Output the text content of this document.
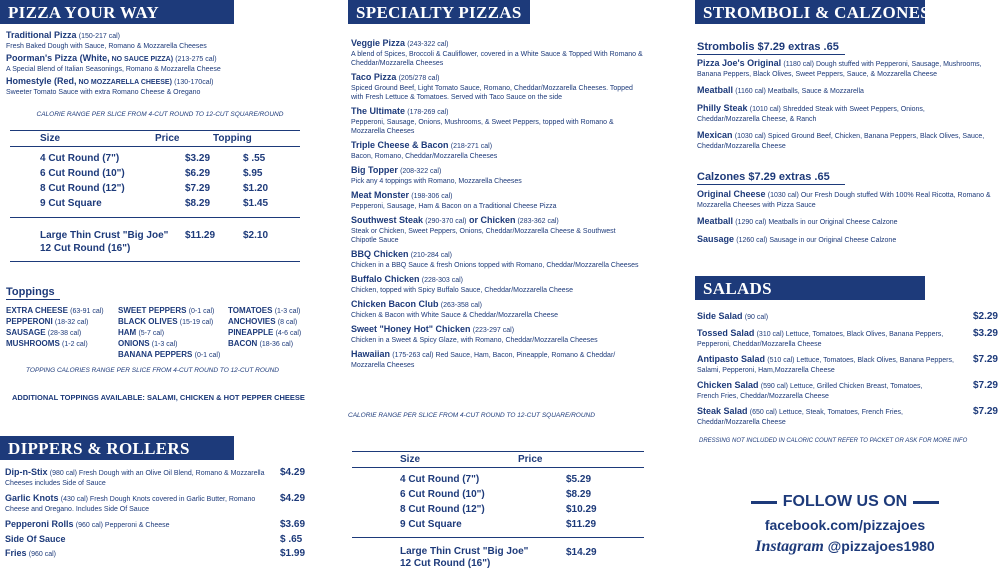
PIZZA YOUR WAY
Traditional Pizza (150-217 cal)
Fresh Baked Dough with Sauce, Romano & Mozzarella Cheeses
Poorman's Pizza (White, NO SAUCE PIZZA) (213-275 cal)
A Special Blend of Italian Seasonings, Romano & Mozzarella Cheese
Homestyle (Red, NO MOZZARELLA CHEESE) (130-170cal)
Sweeter Tomato Sauce with extra Romano Cheese & Oregano
CALORIE RANGE PER SLICE FROM 4-CUT ROUND TO 12-CUT SQUARE/ROUND
Size	Price	Topping
4 Cut Round (7")	$3.29	$ .55
6 Cut Round (10")	$6.29	$.95
8 Cut Round (12")	$7.29	$1.20
9 Cut Square	$8.29	$1.45
Large Thin Crust "Big Joe"
12 Cut Round (16")	$11.29	$2.10
Toppings
EXTRA CHEESE (63-91 cal)	SWEET PEPPERS (0-1 cal)	TOMATOES (1-3 cal)
PEPPERONI (18-32 cal)	BLACK OLIVES (15-19 cal)	ANCHOVIES (8 cal)
SAUSAGE (28-38 cal)	HAM (5-7 cal)	PINEAPPLE (4-6 cal)
MUSHROOMS (1-2 cal)	ONIONS (1-3 cal)	BACON (18-36 cal)
BANANA PEPPERS (0-1 cal)
TOPPING CALORIES RANGE PER SLICE FROM 4-CUT ROUND TO 12-CUT ROUND
ADDITIONAL TOPPINGS AVAILABLE: SALAMI, CHICKEN & HOT PEPPER CHEESE
DIPPERS & ROLLERS
Dip-n-Stix (980 cal) Fresh Dough with an Olive Oil Blend, Romano & Mozzarella
Cheeses includes Side of Sauce
$4.29
Garlic Knots (430 cal) Fresh Dough Knots covered in Garlic Butter, Romano
Cheese and Oregano. Includes Side Of Sauce
$4.29
Pepperoni Rolls (960 cal) Pepperoni & Cheese	$3.69
Side Of Sauce	$ .65
Fries (960 cal)	$1.99
SPECIALTY PIZZAS
Veggie Pizza (243-322 cal)
A blend of Spices, Broccoli & Cauliflower, covered in a White Sauce & Topped With Romano &
Cheddar/Mozzarella Cheeses
Taco Pizza (205/278 cal)
Spiced Ground Beef, Light Tomato Sauce, Romano, Cheddar/Mozzarella Cheeses. Topped
with Fresh Lettuce & Tomatoes. Served with Taco Sauce on the side
The Ultimate (178-269 cal)
Pepperoni, Sausage, Onions, Mushrooms, & Sweet Peppers, topped with Romano &
Mozzarella Cheeses
Triple Cheese & Bacon (218-271 cal)
Bacon, Romano, Cheddar/Mozzarella Cheeses
Big Topper (208-322 cal)
Pick any 4 toppings with Romano, Mozzarella Cheeses
Meat Monster (198-306 cal)
Pepperoni, Sausage, Ham & Bacon on a Traditional Cheese Pizza
Southwest Steak (290-370 cal) or Chicken (283-362 cal)
Steak or Chicken, Sweet Peppers, Onions, Cheddar/Mozzarella Cheese & Southwest
Chipotle Sauce
BBQ Chicken (210-284 cal)
Chicken in a BBQ Sauce & fresh Onions topped with Romano, Cheddar/Mozzarella Cheeses
Buffalo Chicken (228-303 cal)
Chicken, topped with Spicy Buffalo Sauce, Cheddar/Mozzarella Cheese
Chicken Bacon Club (263-358 cal)
Chicken & Bacon with White Sauce & Cheddar/Mozzarella Cheese
Sweet "Honey Hot" Chicken (223-297 cal)
Chicken in a Sweet & Spicy Glaze, with Romano, Cheddar/Mozzarella Cheeses
Hawaiian (175-263 cal) Red Sauce, Ham, Bacon, Pineapple, Romano & Cheddar/
Mozzarella Cheeses
CALORIE RANGE PER SLICE FROM 4-CUT ROUND TO 12-CUT SQUARE/ROUND
Size	Price
4 Cut Round (7")	$5.29
6 Cut Round (10")	$8.29
8 Cut Round (12")	$10.29
9 Cut Square	$11.29
Large Thin Crust "Big Joe"
12 Cut Round (16")	$14.29
STROMBOLI & CALZONES
Strombolis $7.29 extras .65
Pizza Joe's Original (1180 cal) Dough stuffed with Pepperoni, Sausage, Mushrooms,
Banana Peppers, Black Olives, Sweet Peppers, Sauce, & Mozzarella Cheese
Meatball (1160 cal) Meatballs, Sauce & Mozzarella
Philly Steak (1010 cal) Shredded Steak with Sweet Peppers, Onions,
Cheddar/Mozzarella Cheese, & Ranch
Mexican (1030 cal) Spiced Ground Beef, Chicken, Banana Peppers, Black Olives, Sauce,
Cheddar/Mozzarella Cheese
Calzones $7.29 extras .65
Original Cheese (1030 cal) Our Fresh Dough stuffed With 100% Real Ricotta, Romano &
Mozzarella Cheeses with Pizza Sauce
Meatball (1290 cal) Meatballs in our Original Cheese Calzone
Sausage (1260 cal) Sausage in our Original Cheese Calzone
SALADS
Side Salad (90 cal)	$2.29
Tossed Salad (310 cal) Lettuce, Tomatoes, Black Olives, Banana Peppers,
Pepperoni, Cheddar/Mozzarella Cheese
$3.29
Antipasto Salad (510 cal) Lettuce, Tomatoes, Black Olives, Banana Peppers,
Salami, Pepperoni, Ham,Mozzarella Cheese
$7.29
Chicken Salad (590 cal) Lettuce, Grilled Chicken Breast, Tomatoes,
French Fries, Cheddar/Mozzarella Cheese
$7.29
Steak Salad (650 cal) Lettuce, Steak, Tomatoes, French Fries,
Cheddar/Mozzarella Cheese
$7.29
DRESSING NOT INCLUDED IN CALORIC COUNT REFER TO PACKET OR ASK FOR MORE INFO
FOLLOW US ON
facebook.com/pizzajoes
Instagram @pizzajoes1980
